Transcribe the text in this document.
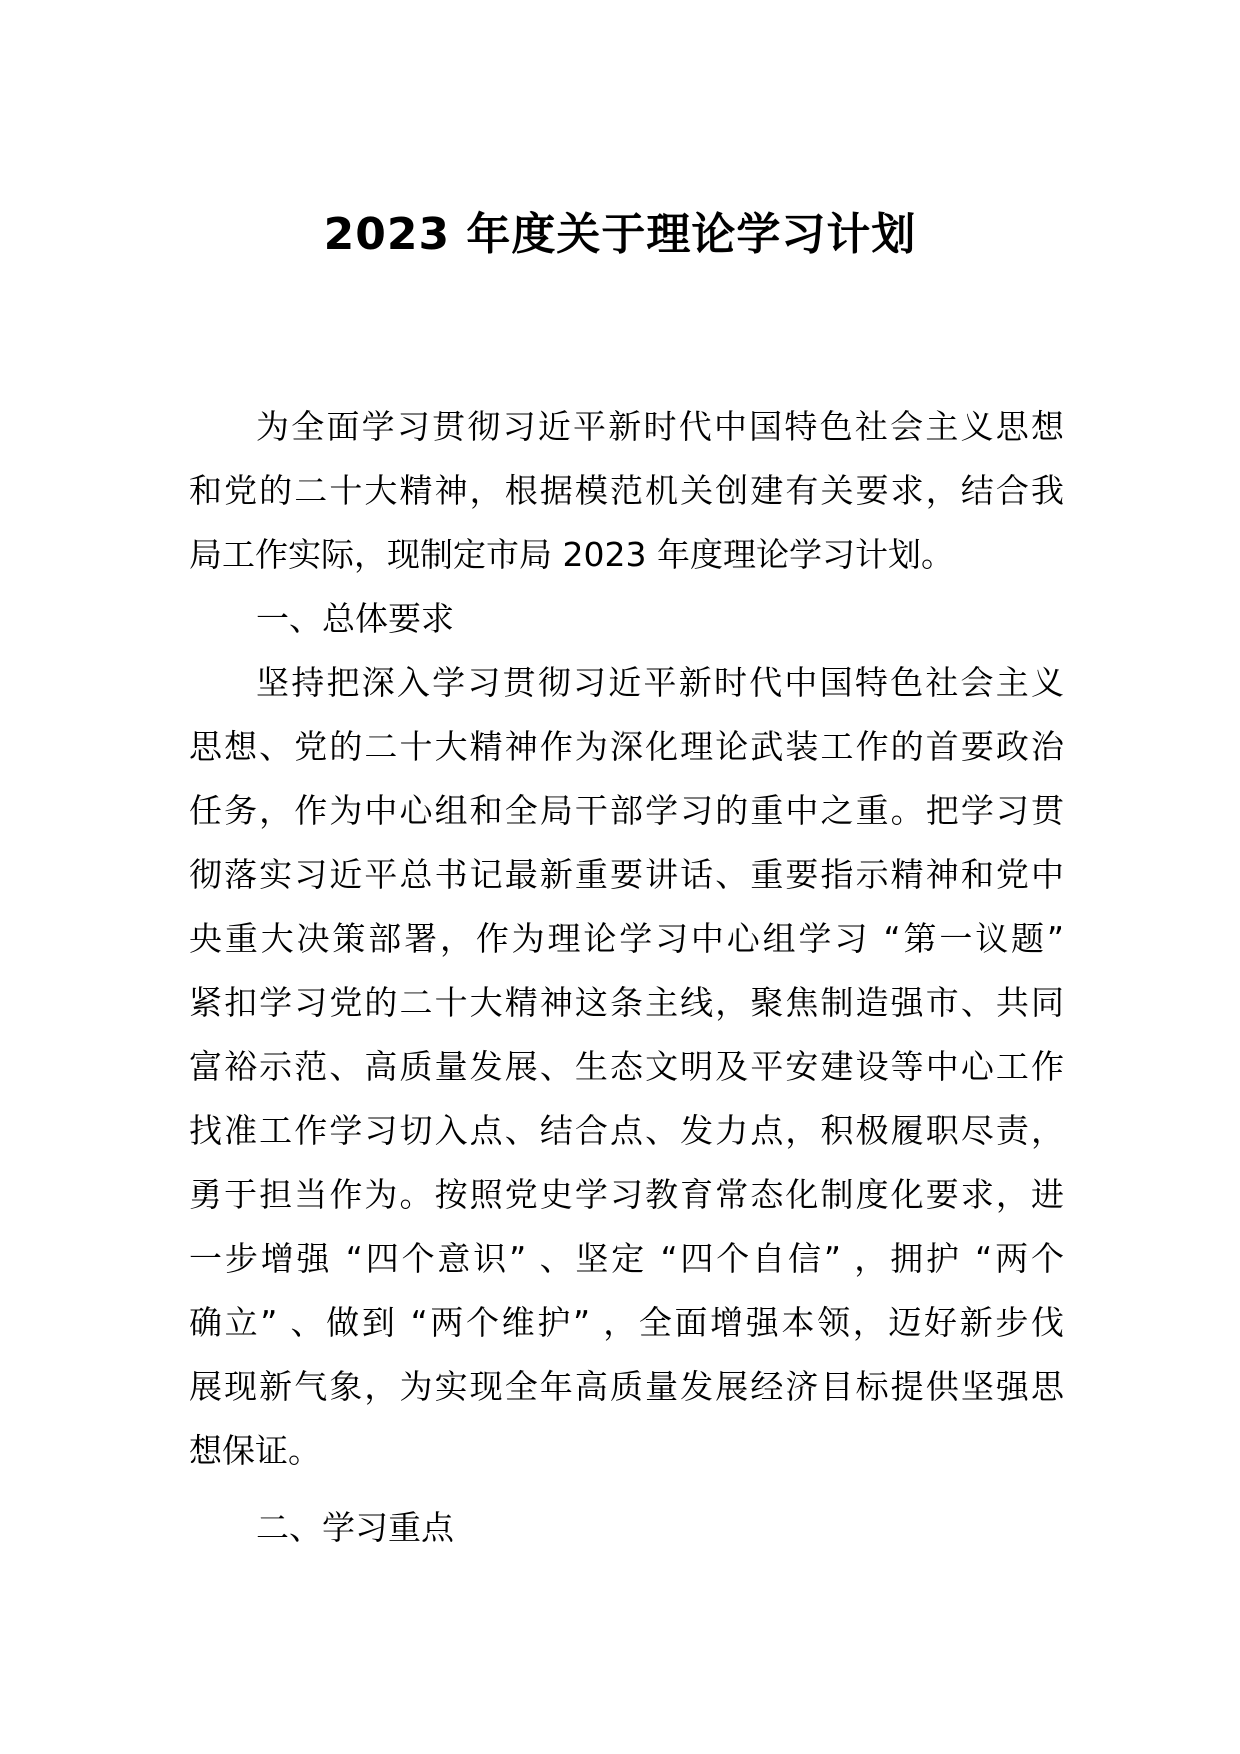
2023 年度关于理论学习计划

为全面学习贯彻习近平新时代中国特色社会主义思想

和党的二十大精神，根据模范机关创建有关要求，结合我

局工作实际，现制定市局 2023 年度理论学习计划。

一、总体要求

坚持把深入学习贯彻习近平新时代中国特色社会主义

思想、党的二十大精神作为深化理论武装工作的首要政治

任务，作为中心组和全局干部学习的重中之重。把学习贯

彻落实习近平总书记最新重要讲话、重要指示精神和党中

央重大决策部署，作为理论学习中心组学习 “第一议题”

紧扣学习党的二十大精神这条主线，聚焦制造强市、共同

富裕示范、高质量发展、生态文明及平安建设等中心工作

找准工作学习切入点、结合点、发力点，积极履职尽责，

勇于担当作为。按照党史学习教育常态化制度化要求，进

一步增强 “四个意识” 、坚定 “四个自信” ，拥护 “两个

确立” 、做到 “两个维护” ，全面增强本领，迈好新步伐

展现新气象，为实现全年高质量发展经济目标提供坚强思

想保证。

二、学习重点
